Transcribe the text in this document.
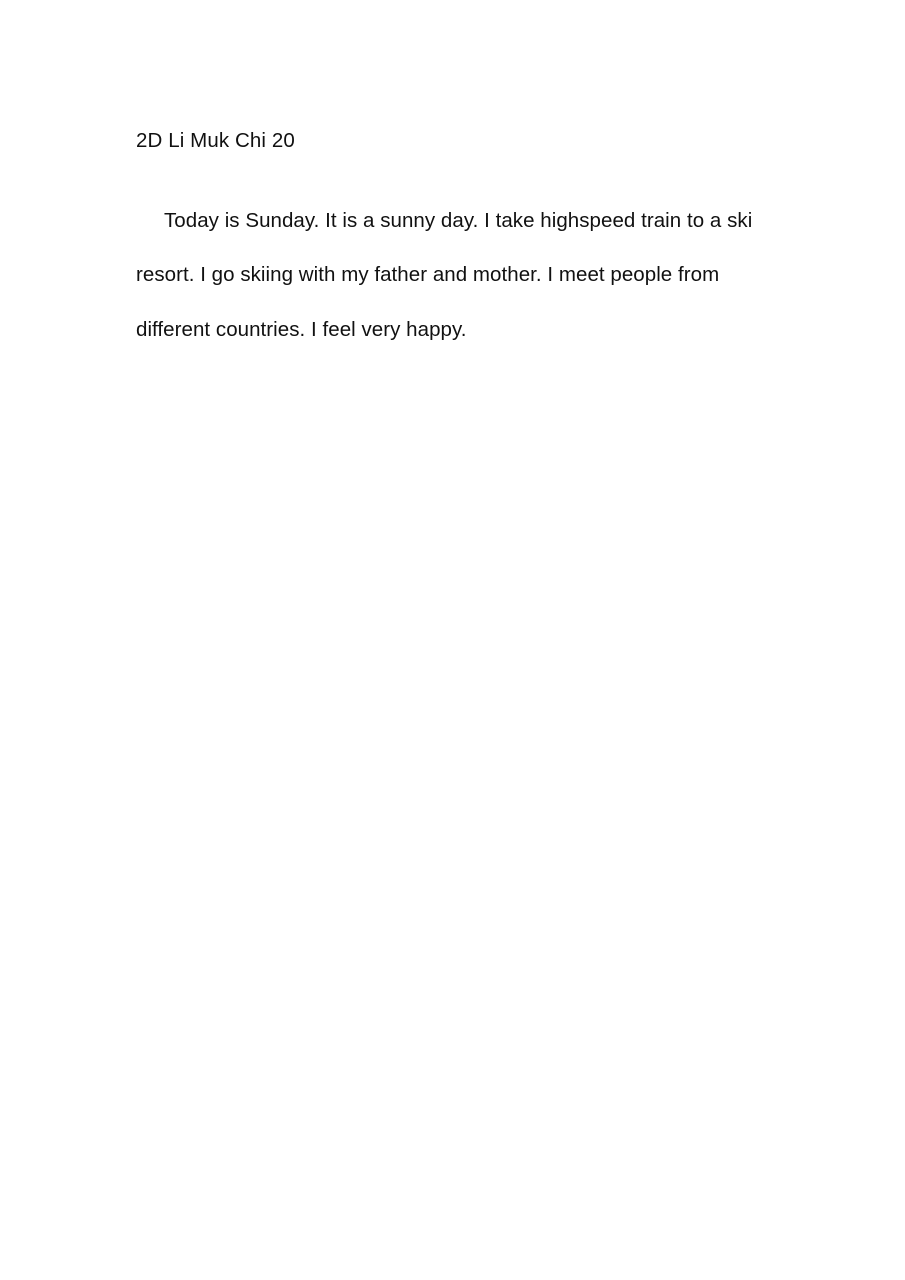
2D Li Muk Chi 20
Today is Sunday. It is a sunny day. I take highspeed train to a ski resort. I go skiing with my father and mother. I meet people from different countries. I feel very happy.
